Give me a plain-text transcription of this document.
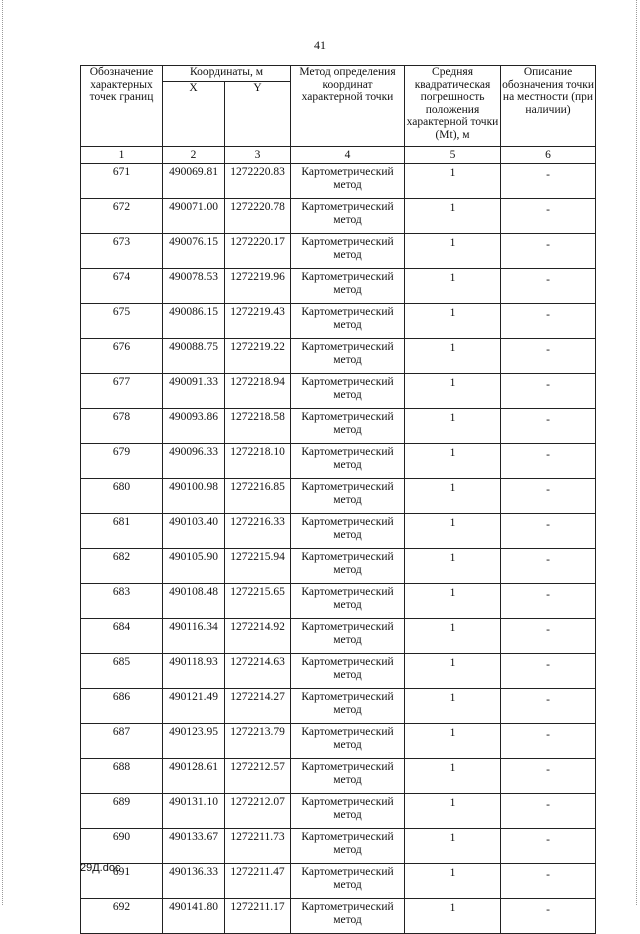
41
Обозначение характерных точек границ	Координаты, м		Метод определения координат характерной точки	Средняя квадратическая погрешность положения характерной точки (Mt), м	Описание обозначения точки на местности (при наличии)
	X	Y			
1	2	3	4	5	6
671	490069.81	1272220.83	Картометрический метод	1	-
672	490071.00	1272220.78	Картометрический метод	1	-
673	490076.15	1272220.17	Картометрический метод	1	-
674	490078.53	1272219.96	Картометрический метод	1	-
675	490086.15	1272219.43	Картометрический метод	1	-
676	490088.75	1272219.22	Картометрический метод	1	-
677	490091.33	1272218.94	Картометрический метод	1	-
678	490093.86	1272218.58	Картометрический метод	1	-
679	490096.33	1272218.10	Картометрический метод	1	-
680	490100.98	1272216.85	Картометрический метод	1	-
681	490103.40	1272216.33	Картометрический метод	1	-
682	490105.90	1272215.94	Картометрический метод	1	-
683	490108.48	1272215.65	Картометрический метод	1	-
684	490116.34	1272214.92	Картометрический метод	1	-
685	490118.93	1272214.63	Картометрический метод	1	-
686	490121.49	1272214.27	Картометрический метод	1	-
687	490123.95	1272213.79	Картометрический метод	1	-
688	490128.61	1272212.57	Картометрический метод	1	-
689	490131.10	1272212.07	Картометрический метод	1	-
690	490133.67	1272211.73	Картометрический метод	1	-
691	490136.33	1272211.47	Картометрический метод	1	-
692	490141.80	1272211.17	Картометрический метод	1	-
29Д.doc
